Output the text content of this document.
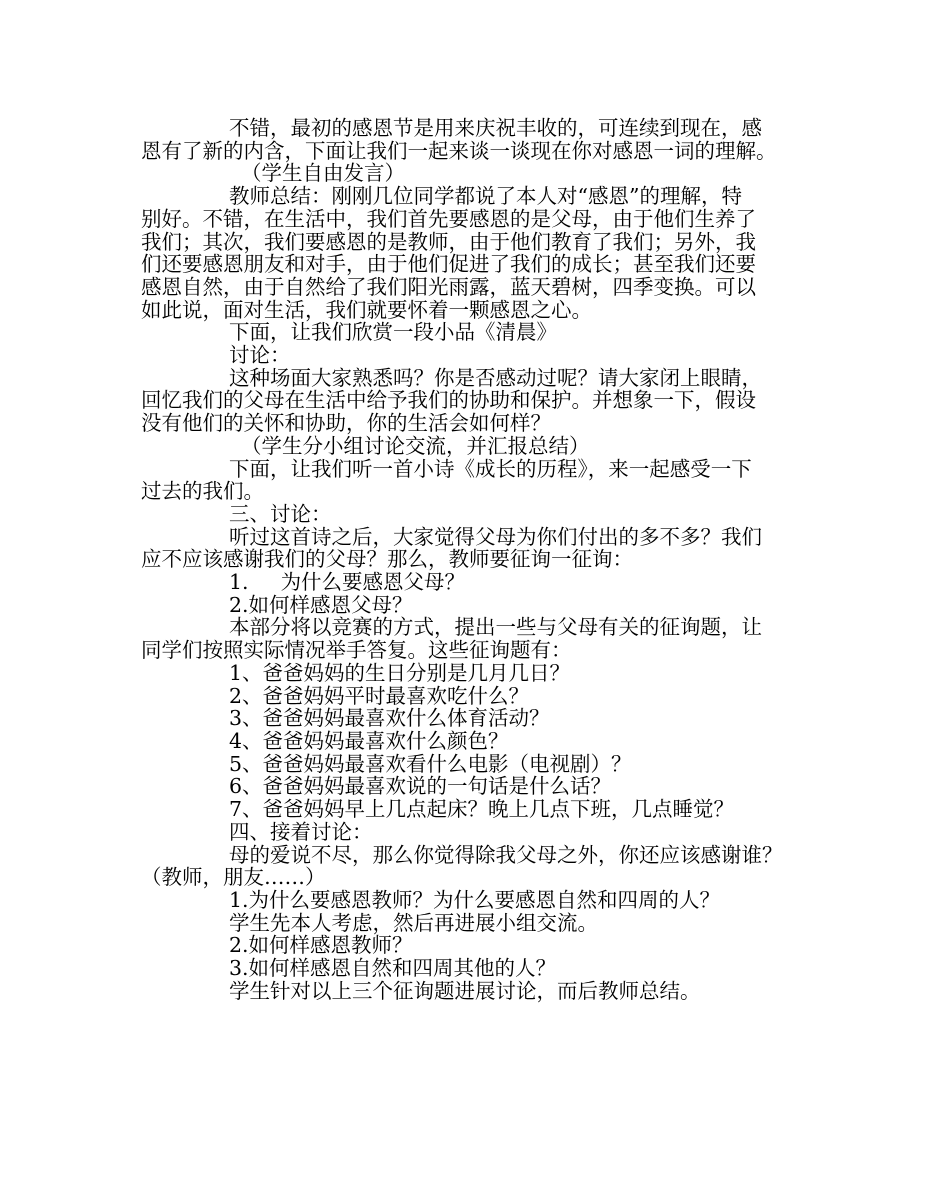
不错，最初的感恩节是用来庆祝丰收的，可连续到现在，感

恩有了新的内含，下面让我们一起来谈一谈现在你对感恩一词的理解。

（学生自由发言）

教师总结：刚刚几位同学都说了本人对“感恩”的理解，特

别好。不错，在生活中，我们首先要感恩的是父母，由于他们生养了

我们；其次，我们要感恩的是教师，由于他们教育了我们；另外，我

们还要感恩朋友和对手，由于他们促进了我们的成长；甚至我们还要

感恩自然，由于自然给了我们阳光雨露，蓝天碧树，四季变换。可以

如此说，面对生活，我们就要怀着一颗感恩之心。

下面，让我们欣赏一段小品《清晨》

讨论：

这种场面大家熟悉吗？你是否感动过呢？请大家闭上眼睛，

回忆我们的父母在生活中给予我们的协助和保护。并想象一下，假设

没有他们的关怀和协助，你的生活会如何样？

（学生分小组讨论交流，并汇报总结）

下面，让我们听一首小诗《成长的历程》，来一起感受一下

过去的我们。

三、讨论：

听过这首诗之后，大家觉得父母为你们付出的多不多？我们

应不应该感谢我们的父母？那么，教师要征询一征询：

1. 为什么要感恩父母？

2.如何样感恩父母？

本部分将以竞赛的方式，提出一些与父母有关的征询题，让

同学们按照实际情况举手答复。这些征询题有：

1、爸爸妈妈的生日分别是几月几日？

2、爸爸妈妈平时最喜欢吃什么？

3、爸爸妈妈最喜欢什么体育活动？

4、爸爸妈妈最喜欢什么颜色？

5、爸爸妈妈最喜欢看什么电影（电视剧）？

6、爸爸妈妈最喜欢说的一句话是什么话？

7、爸爸妈妈早上几点起床？晚上几点下班，几点睡觉？

四、接着讨论：

母的爱说不尽，那么你觉得除我父母之外，你还应该感谢谁？

（教师，朋友……）

1.为什么要感恩教师？为什么要感恩自然和四周的人？

学生先本人考虑，然后再进展小组交流。

2.如何样感恩教师？

3.如何样感恩自然和四周其他的人？

学生针对以上三个征询题进展讨论，而后教师总结。
